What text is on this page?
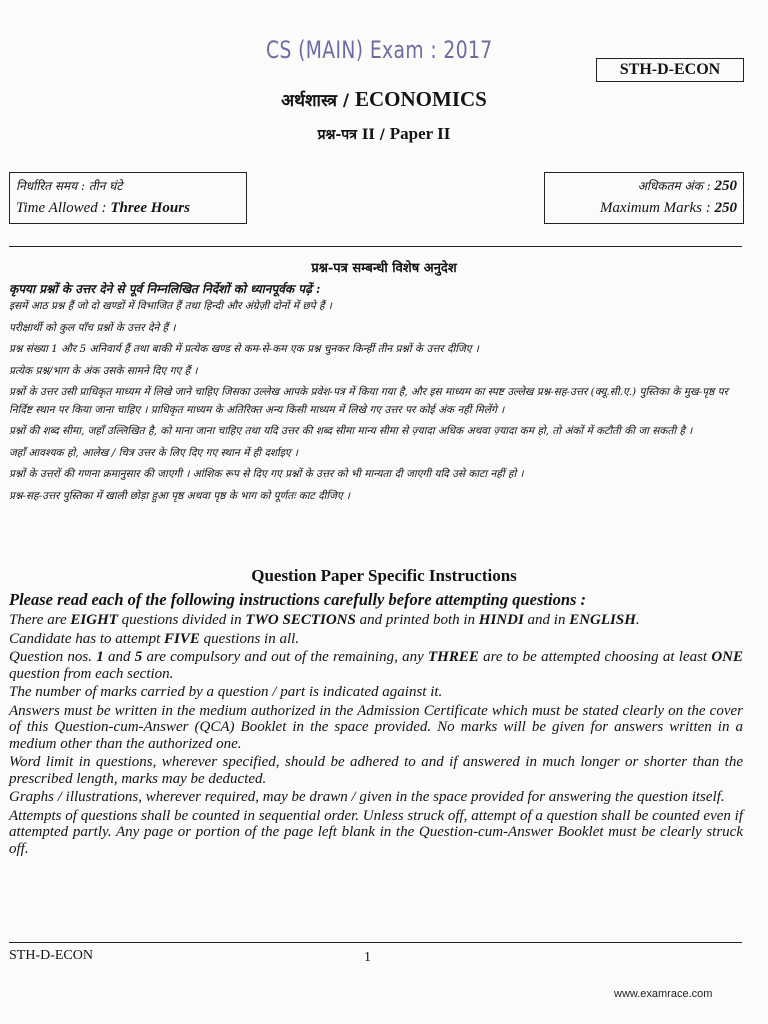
CS (MAIN) Exam : 2017
STH-D-ECON
अर्थशास्त्र / ECONOMICS
प्रश्न-पत्र II / Paper II
निर्धारित समय : तीन घंटे
Time Allowed : Three Hours
अधिकतम अंक : 250
Maximum Marks : 250
प्रश्न-पत्र सम्बन्धी विशेष अनुदेश
कृपया प्रश्नों के उत्तर देने से पूर्व निम्नलिखित निर्देशों को ध्यानपूर्वक पढ़ें :

इसमें आठ प्रश्न हैं जो दो खण्डों में विभाजित हैं तथा हिन्दी और अंग्रेज़ी दोनों में छपे हैं ।

परीक्षार्थी को कुल पाँच प्रश्नों के उत्तर देने हैं ।

प्रश्न संख्या 1 और 5 अनिवार्य हैं तथा बाकी में प्रत्येक खण्ड से कम-से-कम एक प्रश्न चुनकर किन्हीं तीन प्रश्नों के उत्तर दीजिए ।

प्रत्येक प्रश्न/भाग के अंक उसके सामने दिए गए हैं ।

प्रश्नों के उत्तर उसी प्राधिकृत माध्यम में लिखे जाने चाहिए जिसका उल्लेख आपके प्रवेश-पत्र में किया गया है, और इस माध्यम का स्पष्ट उल्लेख प्रश्न-सह-उत्तर (क्यू.सी.ए.) पुस्तिका के मुख-पृष्ठ पर निर्दिष्ट स्थान पर किया जाना चाहिए । प्राधिकृत माध्यम के अतिरिक्त अन्य किसी माध्यम में लिखे गए उत्तर पर कोई अंक नहीं मिलेंगे ।

प्रश्नों की शब्द सीमा, जहाँ उल्लिखित है, को माना जाना चाहिए तथा यदि उत्तर की शब्द सीमा मान्य सीमा से ज़्यादा अधिक अथवा ज़्यादा कम हो, तो अंकों में कटौती की जा सकती है ।

जहाँ आवश्यक हो, आलेख / चित्र उत्तर के लिए दिए गए स्थान में ही दर्शाइए ।

प्रश्नों के उत्तरों की गणना क्रमानुसार की जाएगी । आंशिक रूप से दिए गए प्रश्नों के उत्तर को भी मान्यता दी जाएगी यदि उसे काटा नहीं हो ।

प्रश्न-सह-उत्तर पुस्तिका में खाली छोड़ा हुआ पृष्ठ अथवा पृष्ठ के भाग को पूर्णतः काट दीजिए ।

Question Paper Specific Instructions
Please read each of the following instructions carefully before attempting questions :

There are EIGHT questions divided in TWO SECTIONS and printed both in HINDI and in ENGLISH.

Candidate has to attempt FIVE questions in all.

Question nos. 1 and 5 are compulsory and out of the remaining, any THREE are to be attempted choosing at least ONE question from each section.

The number of marks carried by a question / part is indicated against it.

Answers must be written in the medium authorized in the Admission Certificate which must be stated clearly on the cover of this Question-cum-Answer (QCA) Booklet in the space provided. No marks will be given for answers written in a medium other than the authorized one.

Word limit in questions, wherever specified, should be adhered to and if answered in much longer or shorter than the prescribed length, marks may be deducted.

Graphs / illustrations, wherever required, may be drawn / given in the space provided for answering the question itself.

Attempts of questions shall be counted in sequential order. Unless struck off, attempt of a question shall be counted even if attempted partly. Any page or portion of the page left blank in the Question-cum-Answer Booklet must be clearly struck off.

STH-D-ECON	1
www.examrace.com
